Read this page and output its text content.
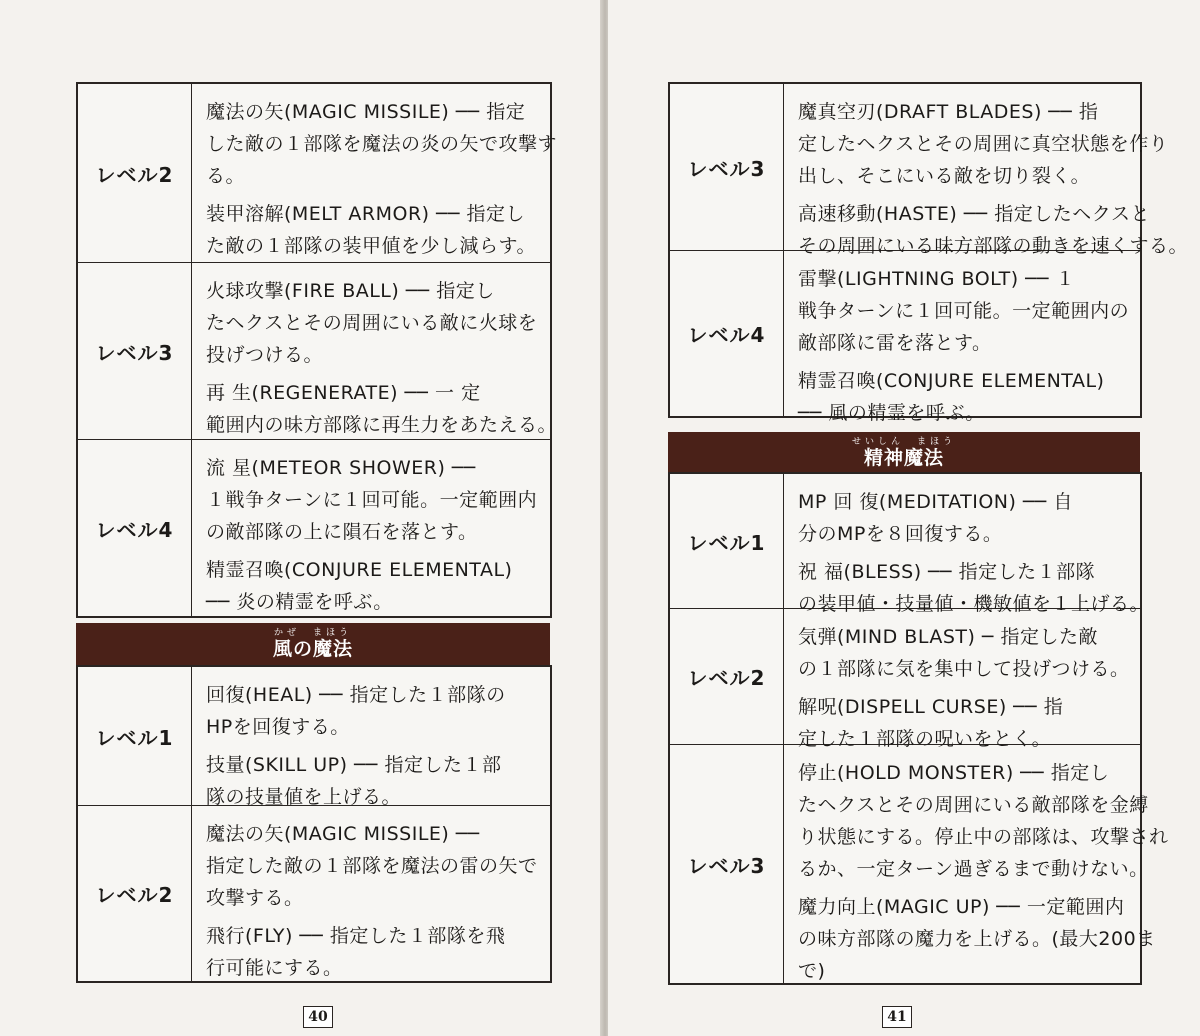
レベル2
魔法の矢(MAGIC MISSILE) ── 指定
した敵の１部隊を魔法の炎の矢で攻撃す
る。
装甲溶解(MELT ARMOR) ── 指定し
た敵の１部隊の装甲値を少し減らす。
レベル3
火球攻撃(FIRE BALL) ── 指定し
たヘクスとその周囲にいる敵に火球を
投げつける。
再 生(REGENERATE) ── 一 定
範囲内の味方部隊に再生力をあたえる。
レベル4
流 星(METEOR SHOWER) ──
１戦争ターンに１回可能。一定範囲内
の敵部隊の上に隕石を落とす。
精霊召喚(CONJURE ELEMENTAL)
── 炎の精霊を呼ぶ。
かぜ　まほう
風の魔法
レベル1
回復(HEAL) ── 指定した１部隊の
HPを回復する。
技量(SKILL UP) ── 指定した１部
隊の技量値を上げる。
レベル2
魔法の矢(MAGIC MISSILE) ──
指定した敵の１部隊を魔法の雷の矢で
攻撃する。
飛行(FLY) ── 指定した１部隊を飛
行可能にする。
40
レベル3
魔真空刃(DRAFT BLADES) ── 指
定したヘクスとその周囲に真空状態を作り
出し、そこにいる敵を切り裂く。
高速移動(HASTE) ── 指定したヘクスと
その周囲にいる味方部隊の動きを速くする。
レベル4
雷撃(LIGHTNING BOLT) ── １
戦争ターンに１回可能。一定範囲内の
敵部隊に雷を落とす。
精霊召喚(CONJURE ELEMENTAL)
── 風の精霊を呼ぶ。
せいしん　まほう
精神魔法
レベル1
MP 回 復(MEDITATION) ── 自
分のMPを８回復する。
祝 福(BLESS) ── 指定した１部隊
の装甲値・技量値・機敏値を１上げる。
レベル2
気弾(MIND BLAST) ─ 指定した敵
の１部隊に気を集中して投げつける。
解呪(DISPELL CURSE) ── 指
定した１部隊の呪いをとく。
レベル3
停止(HOLD MONSTER) ── 指定し
たヘクスとその周囲にいる敵部隊を金縛
り状態にする。停止中の部隊は、攻撃され
るか、一定ターン過ぎるまで動けない。
魔力向上(MAGIC UP) ── 一定範囲内
の味方部隊の魔力を上げる。(最大200ま
で)
41
